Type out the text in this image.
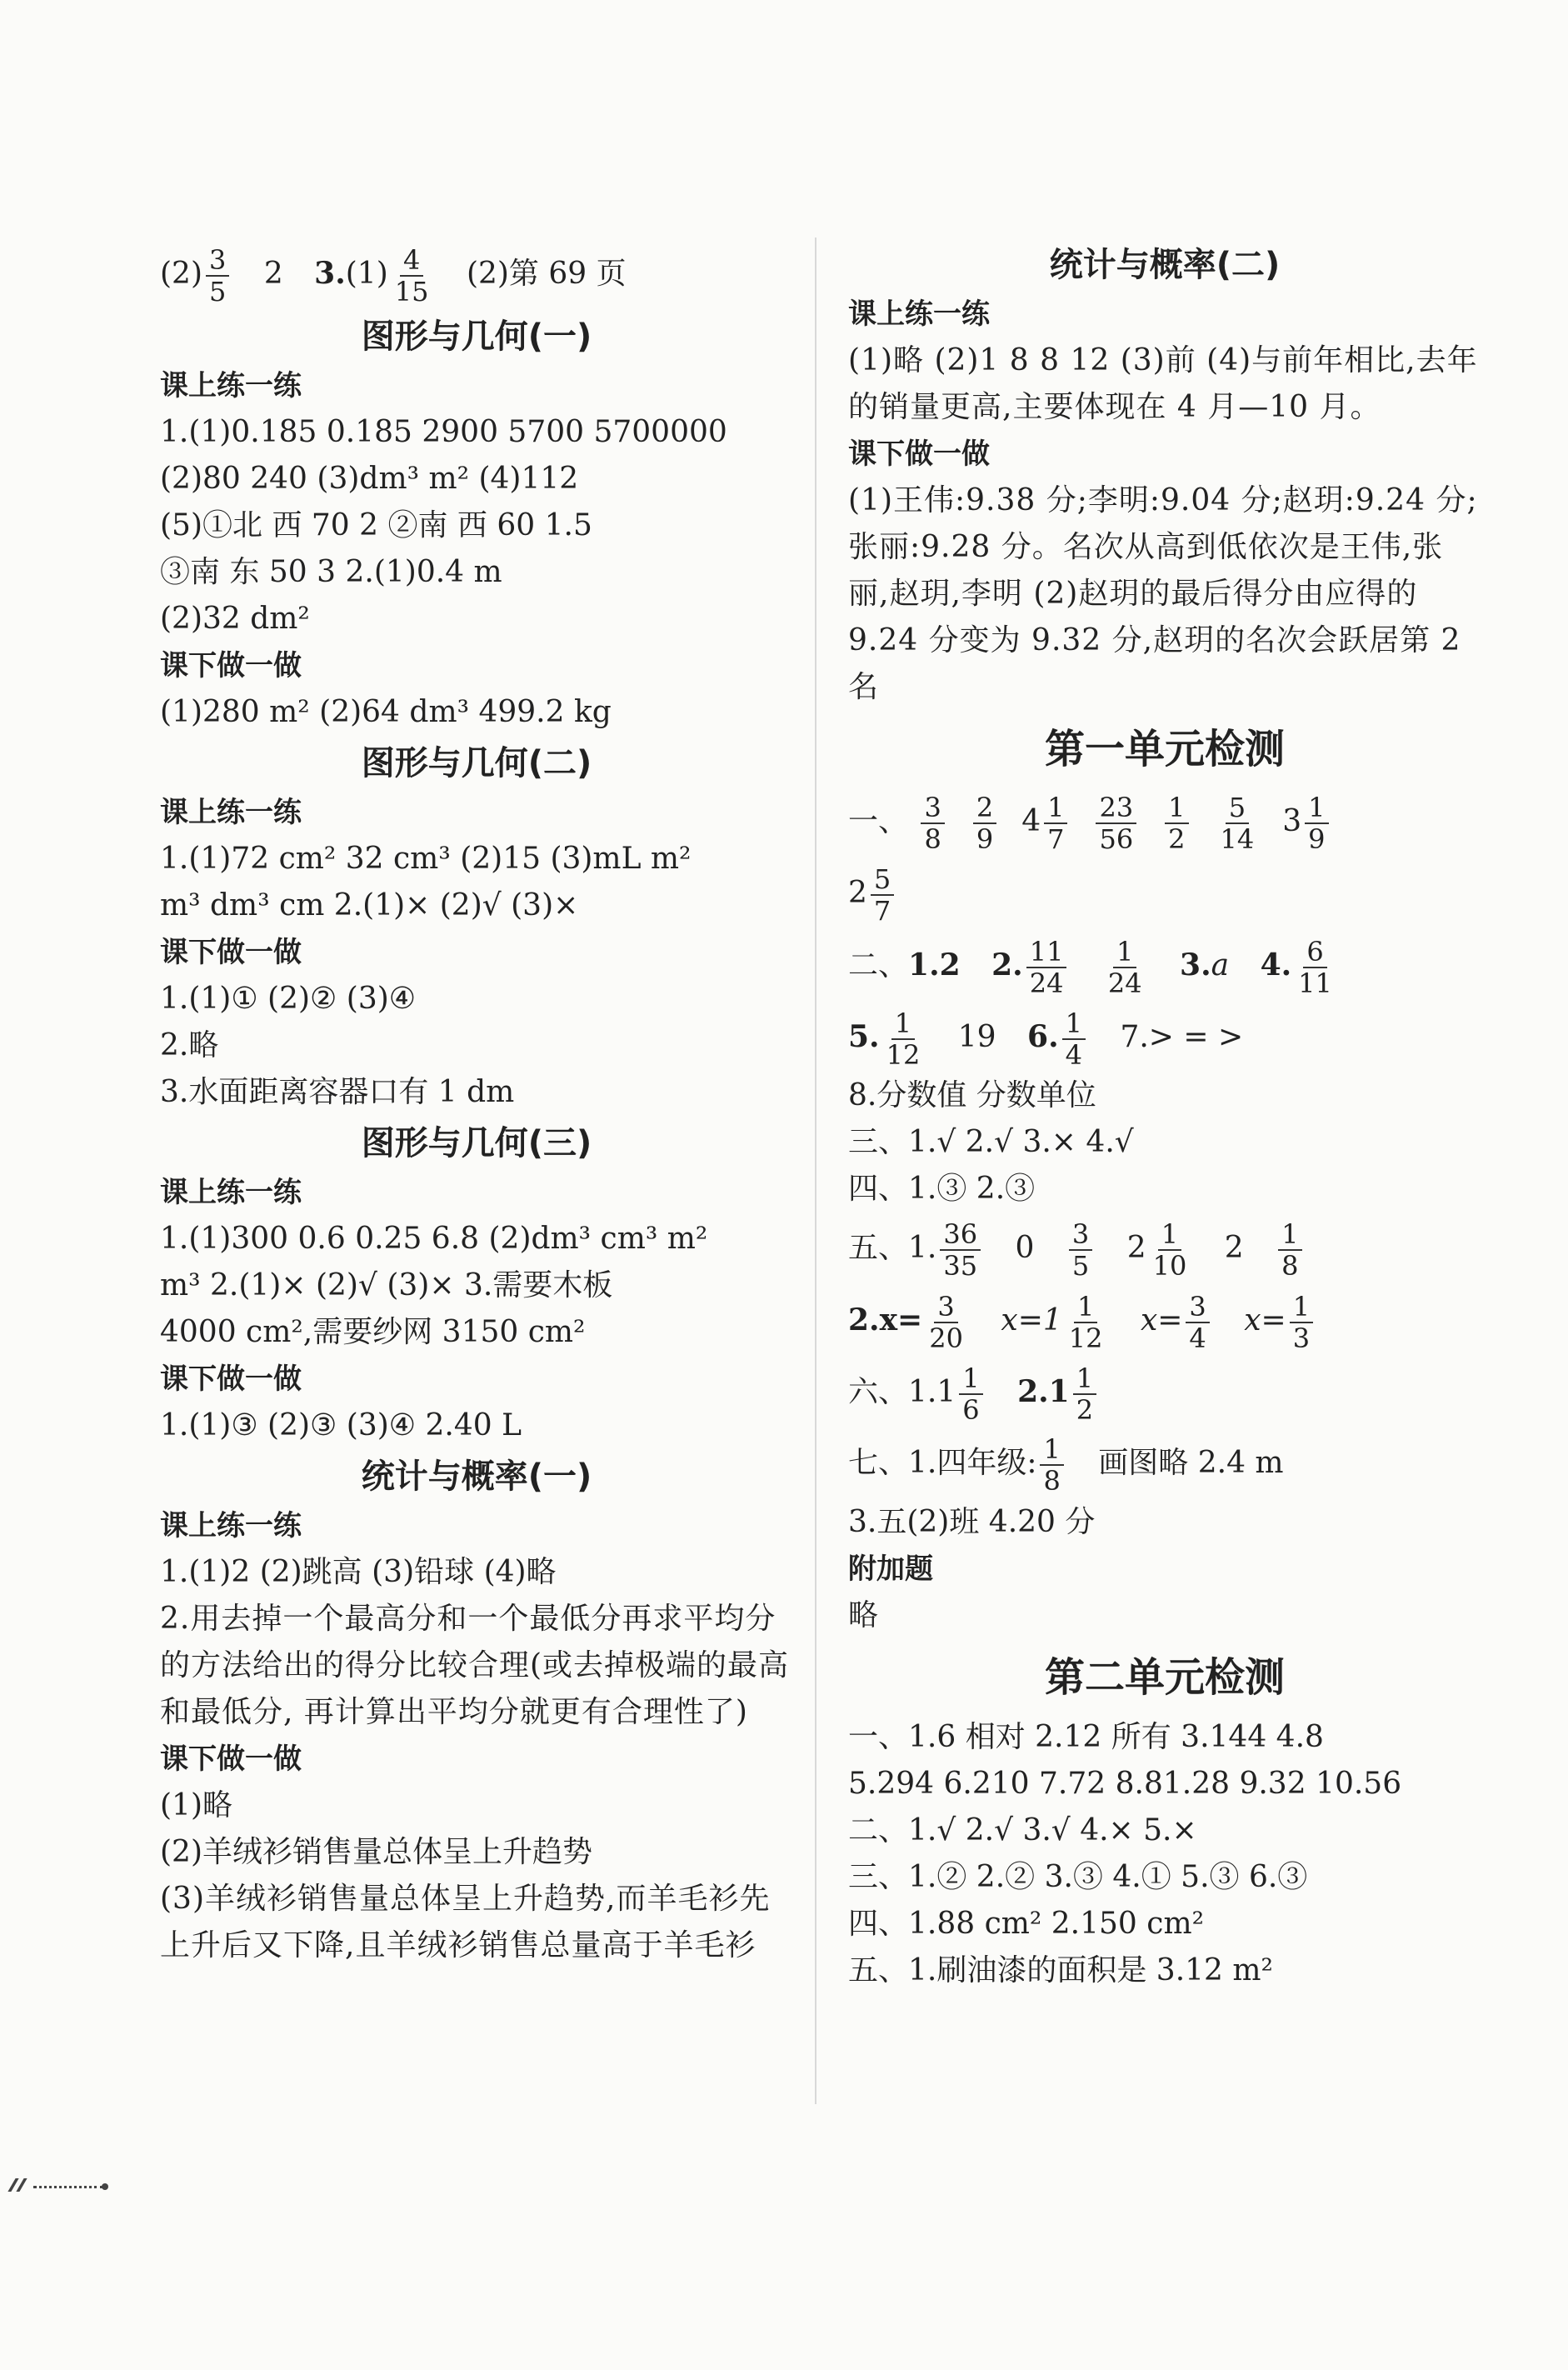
$(2) \frac{3}{5} 2$ $3.(1) \frac{4}{15} (2)$第 69 页
图形与几何(一)
课上练一练
1.(1)0.185 0.185 2900 5700 5700000
(2)80 240 (3)dm³ m² (4)112
(5)①北 西 70 2 ②南 西 60 1.5
③南 东 50 3 2.(1)0.4 m
(2)32 dm²
课下做一做
(1)280 m² (2)64 dm³ 499.2 kg
图形与几何(二)
课上练一练
1.(1)72 cm² 32 cm³ (2)15 (3)mL m²
m³ dm³ cm 2.(1)× (2)√ (3)×
课下做一做
1.(1)① (2)② (3)④
2.略
3.水面距离容器口有 1 dm
图形与几何(三)
课上练一练
1.(1)300 0.6 0.25 6.8 (2)dm³ cm³ m²
m³ 2.(1)× (2)√ (3)× 3.需要木板
4000 cm²,需要纱网 3150 cm²
课下做一做
1.(1)③ (2)③ (3)④ 2.40 L
统计与概率(一)
课上练一练
1.(1)2 (2)跳高 (3)铅球 (4)略
2.用去掉一个最高分和一个最低分再求平均分的方法给出的得分比较合理(或去掉极端的最高和最低分, 再计算出平均分就更有合理性了)
课下做一做
(1)略
(2)羊绒衫销售量总体呈上升趋势
(3)羊绒衫销售量总体呈上升趋势,而羊毛衫先上升后又下降,且羊绒衫销售总量高于羊毛衫
统计与概率(二)
课上练一练
(1)略 (2)1 8 8 12 (3)前 (4)与前年相比,去年的销量更高,主要体现在 4 月—10 月。
课下做一做
(1)王伟:9.38 分;李明:9.04 分;赵玥:9.24 分;张丽:9.28 分。名次从高到低依次是王伟,张丽,赵玥,李明 (2)赵玥的最后得分由应得的 9.24 分变为 9.32 分,赵玥的名次会跃居第 2 名
第一单元检测
一、 $\frac{3}{8} \frac{2}{9} 4 \frac{1}{7} \frac{23}{56} \frac{1}{2} \frac{5}{14} 3 \frac{1}{9}$
$2 \frac{5}{7}$
二、1.2 2. $\frac{11}{24}$
$\frac{1}{24} 3.a$ 4. $\frac{6}{11}$
5. $\frac{1}{12} 19$ 6. $\frac{1}{4} 7.>$ = >
8.分数值 分数单位
三、1.√ 2.√ 3.× 4.√
四、1.③ 2.③
五、1. $\frac{36}{35} 0 \frac{3}{5} 2 \frac{1}{10} 2 \frac{1}{8}$
$2.x= \frac{3}{20} x=1 \frac{1}{12} x= \frac{3}{4} x= \frac{1}{3}$
六、$1.1 \frac{1}{6} 2.1 \frac{1}{2}$
七、1.四年级: $\frac{1}{8}$ 画图略 2.4 m
3.五(2)班 4.20 分
附加题
略
第二单元检测
一、1.6 相对 2.12 所有 3.144 4.8
5.294 6.210 7.72 8.81.28 9.32 10.56
二、1.√ 2.√ 3.√ 4.× 5.×
三、1.② 2.② 3.③ 4.① 5.③ 6.③
四、1.88 cm² 2.150 cm²
五、1.刷油漆的面积是 3.12 m²
